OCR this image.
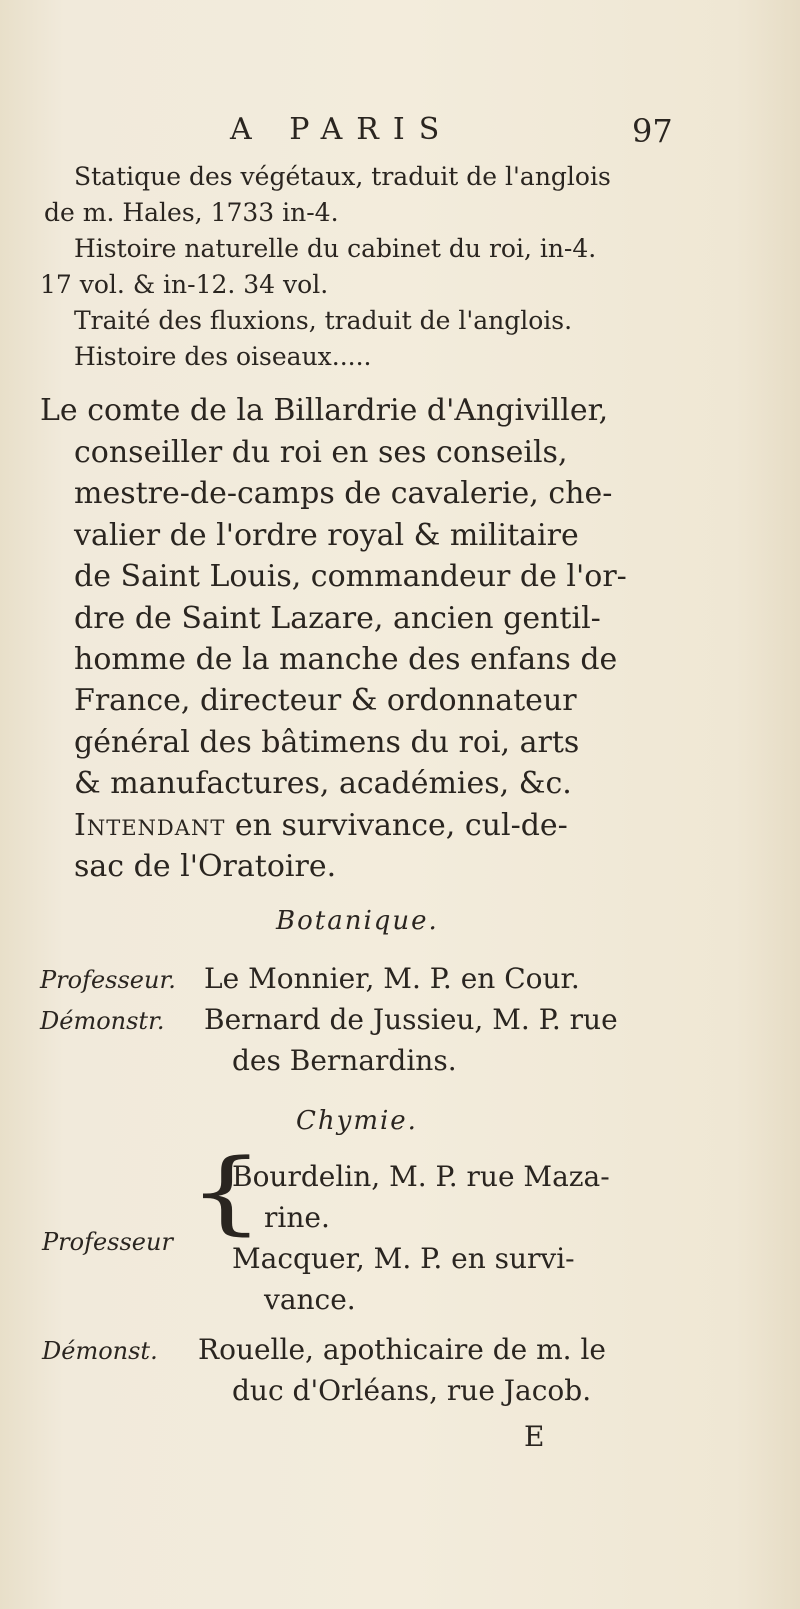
A PARIS	97
Statique des végétaux, traduit de l'anglois
de m. Hales, 1733 in-4.
Histoire naturelle du cabinet du roi, in-4.
17 vol. & in-12. 34 vol.
Traité des fluxions, traduit de l'anglois.
Histoire des oiseaux.....
Le comte de la Billardrie d'Angiviller,
conseiller du roi en ses conseils,
mestre-de-camps de cavalerie, che-
valier de l'ordre royal & militaire
de Saint Louis, commandeur de l'or-
dre de Saint Lazare, ancien gentil-
homme de la manche des enfans de
France, directeur & ordonnateur
général des bâtimens du roi, arts
& manufactures, académies, &c.
Intendant en survivance, cul-de-
sac de l'Oratoire.
Botanique.
Professeur. Le Monnier, M. P. en Cour.
Démonstr. Bernard de Jussieu, M. P. rue
des Bernardins.
Chymie.
Professeur {
Bourdelin, M. P. rue Maza-
rine.
Macquer, M. P. en survi-
vance.
Démonst. Rouelle, apothicaire de m. le
duc d'Orléans, rue Jacob.
E
